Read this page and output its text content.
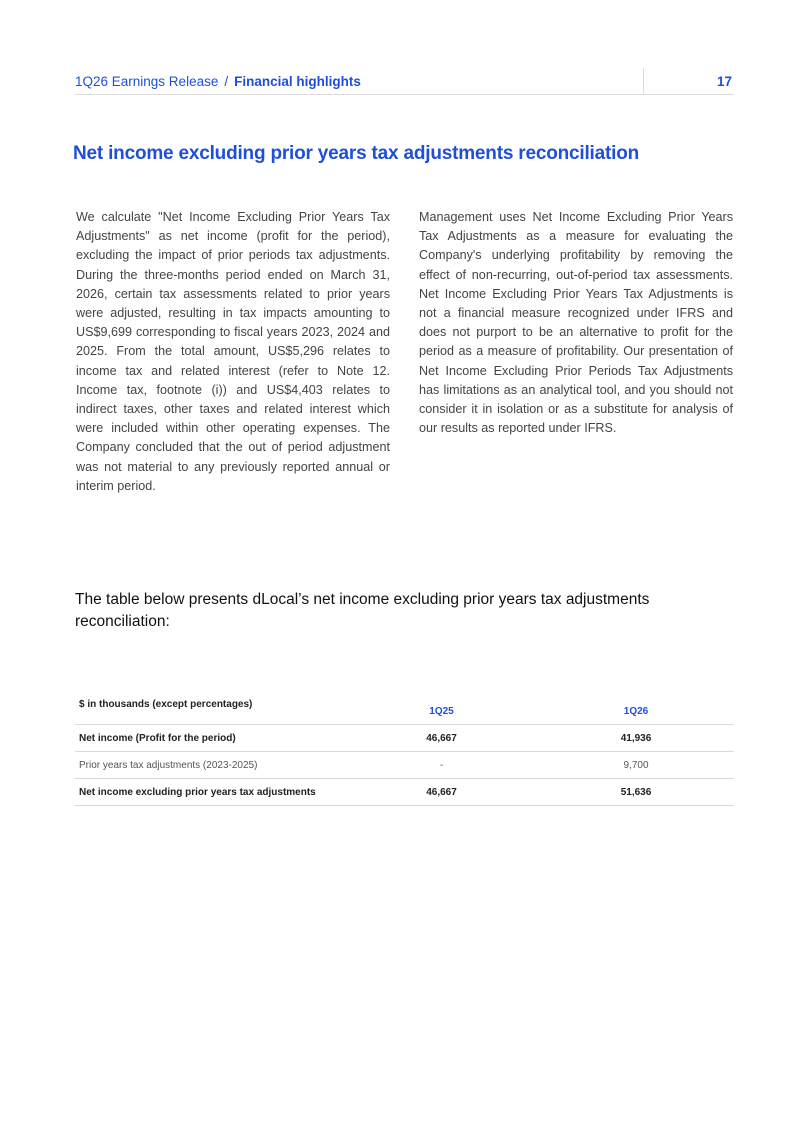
1Q26 Earnings Release / Financial highlights	17
Net income excluding prior years tax adjustments reconciliation

We calculate "Net Income Excluding Prior Years Tax Adjustments" as net income (profit for the period), excluding the impact of prior periods tax adjustments. During the three-months period ended on March 31, 2026, certain tax assessments related to prior years were adjusted, resulting in tax impacts amounting to US$9,699 corresponding to fiscal years 2023, 2024 and 2025. From the total amount, US$5,296 relates to income tax and related interest (refer to Note 12. Income tax, footnote (i)) and US$4,403 relates to indirect taxes, other taxes and related interest which were included within other operating expenses. The Company concluded that the out of period adjustment was not material to any previously reported annual or interim period.

Management uses Net Income Excluding Prior Years Tax Adjustments as a measure for evaluating the Company's underlying profitability by removing the effect of non-recurring, out-of-period tax assessments. Net Income Excluding Prior Years Tax Adjustments is not a financial measure recognized under IFRS and does not purport to be an alternative to profit for the period as a measure of profitability. Our presentation of Net Income Excluding Prior Periods Tax Adjustments has limitations as an analytical tool, and you should not consider it in isolation or as a substitute for analysis of our results as reported under IFRS.

The table below presents dLocal’s net income excluding prior years tax adjustments reconciliation:

$ in thousands (except percentages)	1Q25	1Q26
Net income (Profit for the period)	46,667	41,936
Prior years tax adjustments (2023-2025)	-	9,700
Net income excluding prior years tax adjustments	46,667	51,636
